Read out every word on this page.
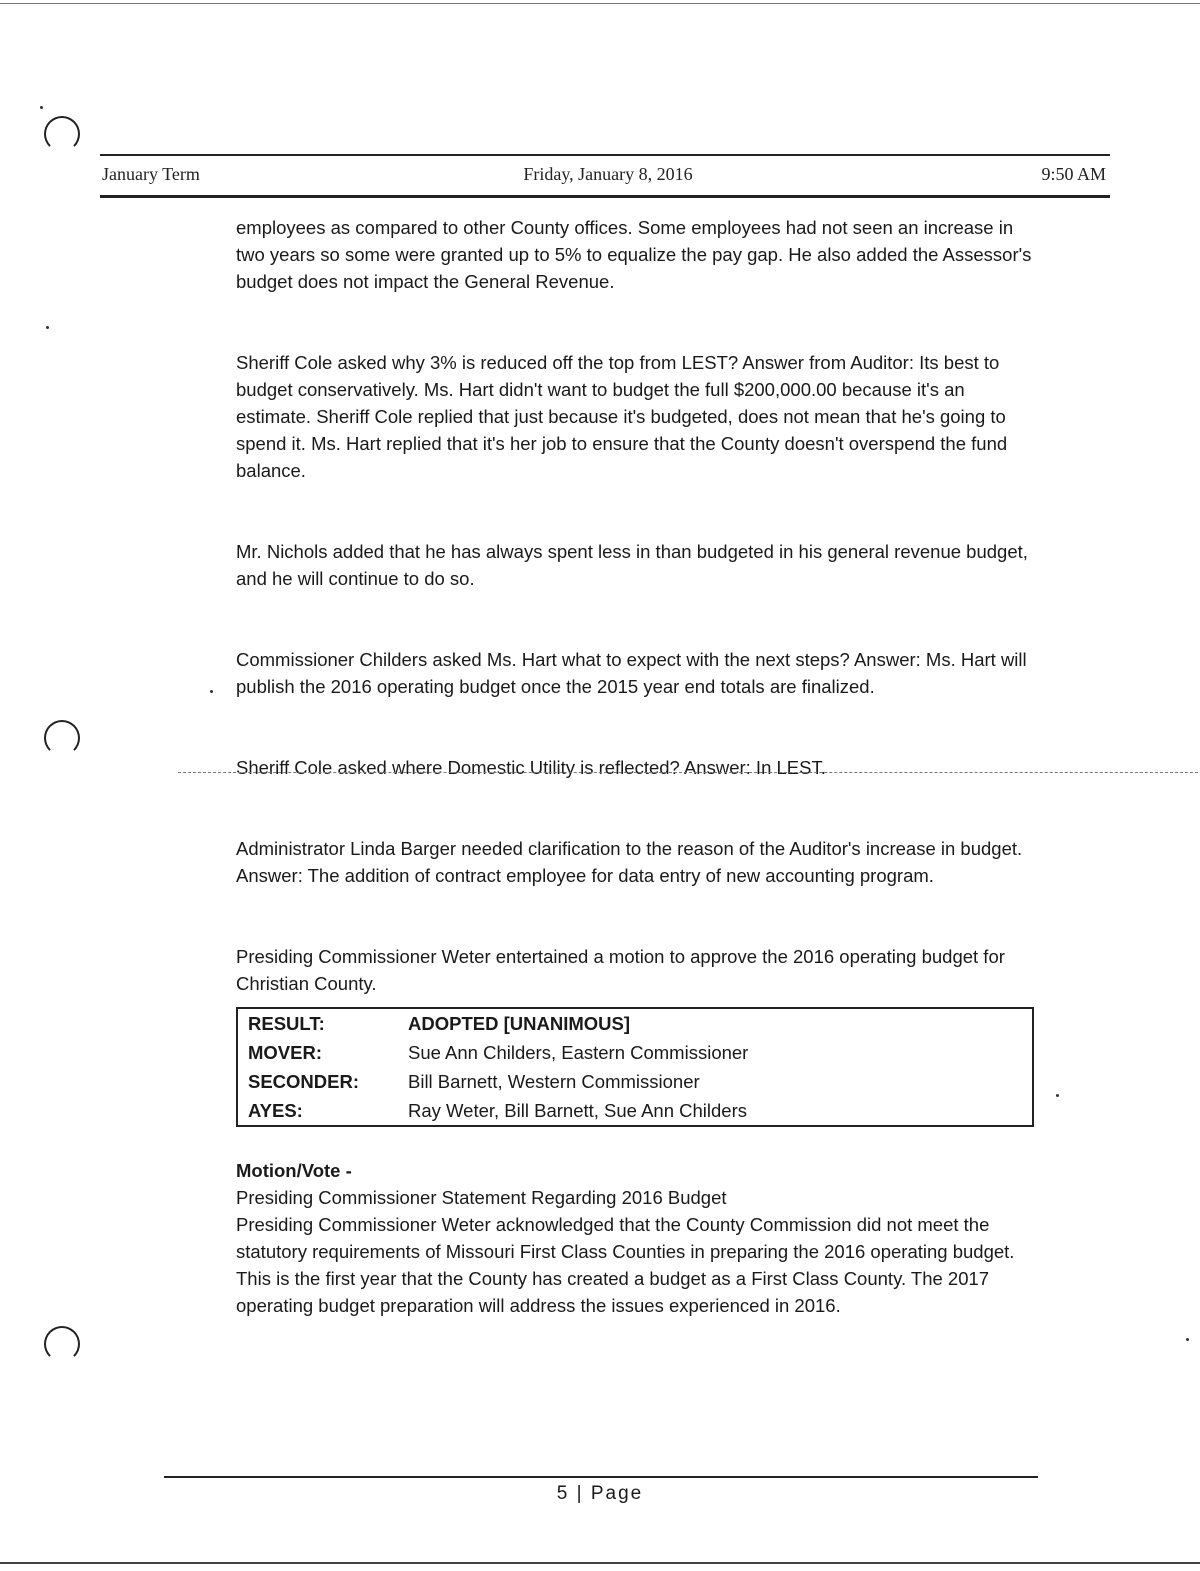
January Term	Friday, January 8, 2016	9:50 AM

employees as compared to other County offices. Some employees had not seen an increase in two years so some were granted up to 5% to equalize the pay gap. He also added the Assessor's budget does not impact the General Revenue.

Sheriff Cole asked why 3% is reduced off the top from LEST? Answer from Auditor: Its best to budget conservatively. Ms. Hart didn't want to budget the full $200,000.00 because it's an estimate. Sheriff Cole replied that just because it's budgeted, does not mean that he's going to spend it. Ms. Hart replied that it's her job to ensure that the County doesn't overspend the fund balance.

Mr. Nichols added that he has always spent less in than budgeted in his general revenue budget, and he will continue to do so.

Commissioner Childers asked Ms. Hart what to expect with the next steps? Answer: Ms. Hart will publish the 2016 operating budget once the 2015 year end totals are finalized.

Sheriff Cole asked where Domestic Utility is reflected? Answer: In LEST.

Administrator Linda Barger needed clarification to the reason of the Auditor's increase in budget. Answer: The addition of contract employee for data entry of new accounting program.

Presiding Commissioner Weter entertained a motion to approve the 2016 operating budget for Christian County.

RESULT:	ADOPTED [UNANIMOUS]
MOVER:	Sue Ann Childers, Eastern Commissioner
SECONDER:	Bill Barnett, Western Commissioner
AYES:	Ray Weter, Bill Barnett, Sue Ann Childers

Motion/Vote -

Presiding Commissioner Statement Regarding 2016 Budget

Presiding Commissioner Weter acknowledged that the County Commission did not meet the statutory requirements of Missouri First Class Counties in preparing the 2016 operating budget. This is the first year that the County has created a budget as a First Class County. The 2017 operating budget preparation will address the issues experienced in 2016.

5 | Page
